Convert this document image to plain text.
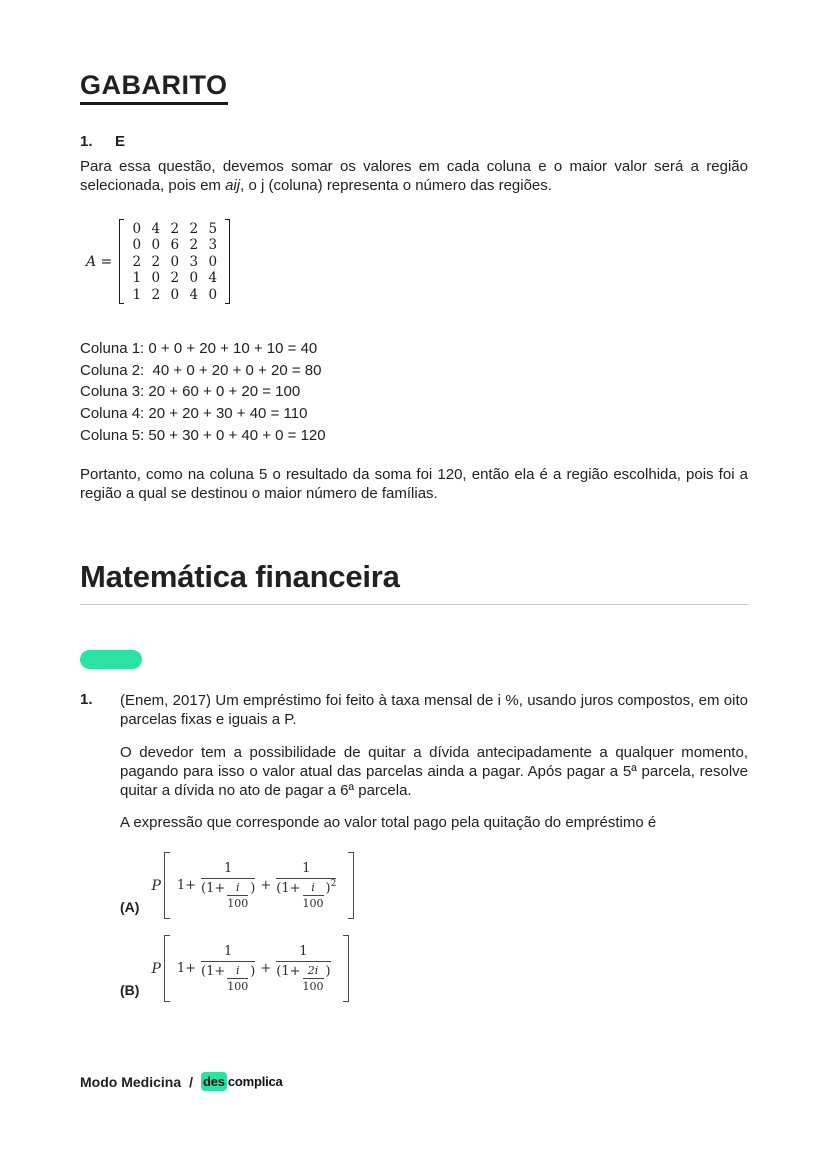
GABARITO
1.	E
Para essa questão, devemos somar os valores em cada coluna e o maior valor será a região selecionada, pois em aij, o j (coluna) representa o número das regiões.
A =
0 4 2 2 5
0 0 6 2 3
2 2 0 3 0
1 0 2 0 4
1 2 0 4 0
Coluna 1: 0 + 0 + 20 + 10 + 10 = 40
Coluna 2:  40 + 0 + 20 + 0 + 20 = 80
Coluna 3: 20 + 60 + 0 + 20 = 100
Coluna 4: 20 + 20 + 30 + 40 = 110
Coluna 5: 50 + 30 + 0 + 40 + 0 = 120
Portanto, como na coluna 5 o resultado da soma foi 120, então ela é a região escolhida, pois foi a região a qual se destinou o maior número de famílias.
Matemática financeira
1.	(Enem, 2017) Um empréstimo foi feito à taxa mensal de i %, usando juros compostos, em oito parcelas fixas e iguais a P.
O devedor tem a possibilidade de quitar a dívida antecipadamente a qualquer momento, pagando para isso o valor atual das parcelas ainda a pagar. Após pagar a 5ª parcela, resolve quitar a dívida no ato de pagar a 6ª parcela.
A expressão que corresponde ao valor total pago pela quitação do empréstimo é
(A)
P 1+
1
($1+ \frac{i}{100}$ ) +
1
$(1+ \frac{i}{100} )^2$
(B)
P 1+
1
($1+ \frac{i}{100}$ ) +
1
($1+ \frac{2i}{100}$ )
Modo Medicina / des complica
